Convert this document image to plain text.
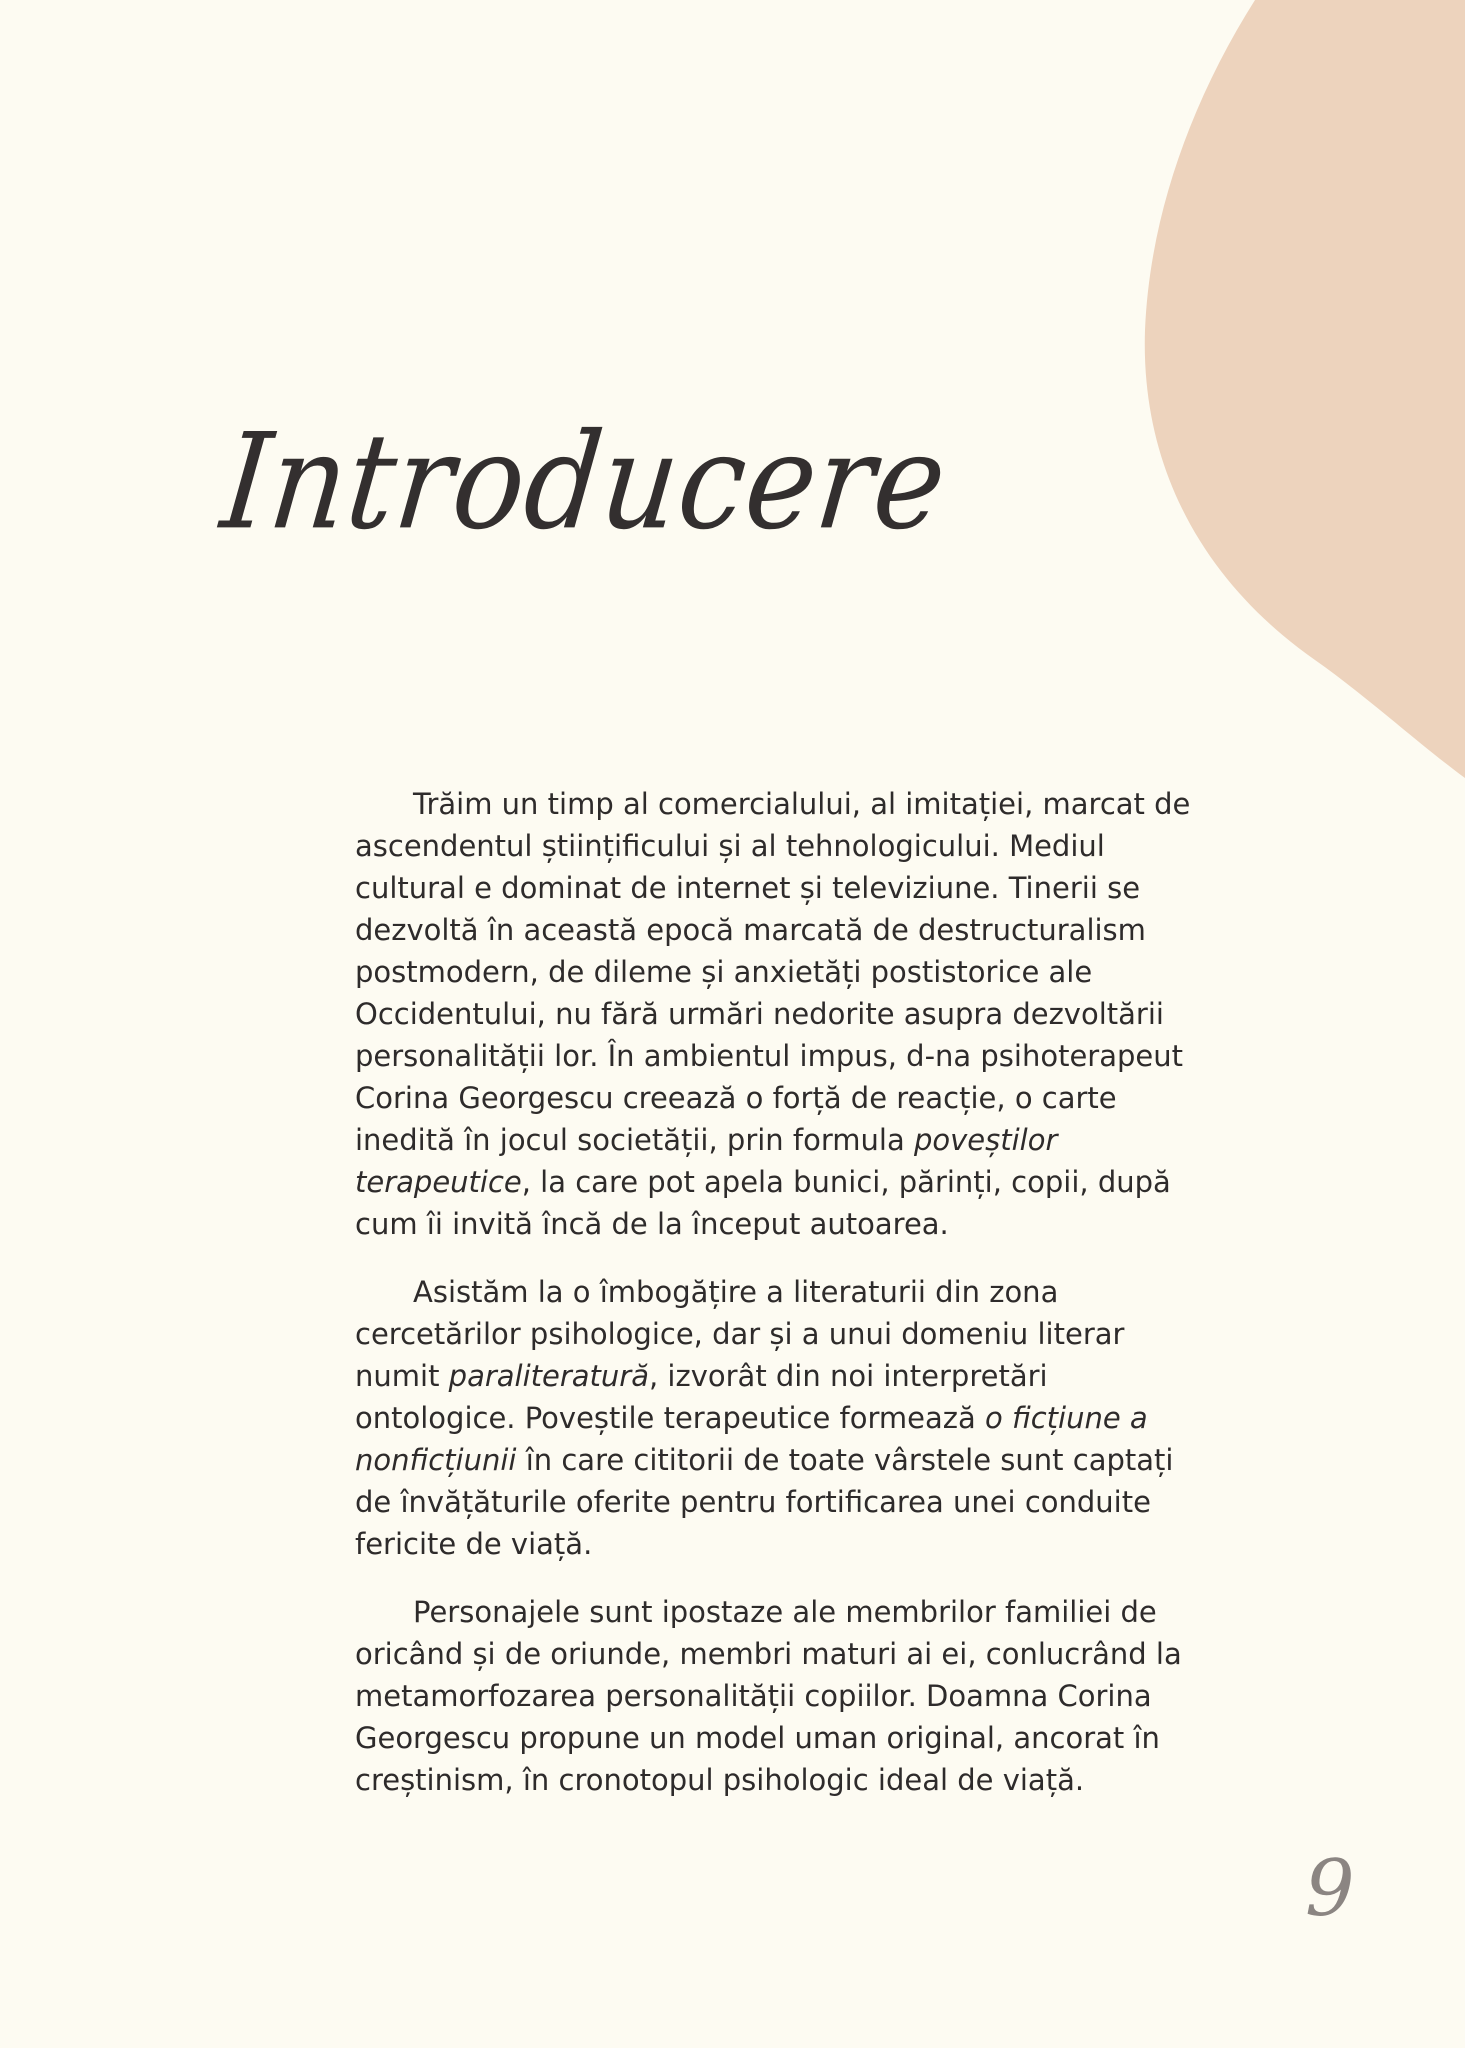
Introducere

Trăim un timp al comercialului, al imitației, marcat de ascendentul științificului și al tehnologicului. Mediul cultural e dominat de internet și televiziune. Tinerii se dezvoltă în această epocă marcată de destructuralism postmodern, de dileme și anxietăți postistorice ale Occidentului, nu fără urmări nedorite asupra dezvoltării personalității lor. În ambientul impus, d-na psihoterapeut Corina Georgescu creează o forță de reacție, o carte inedită în jocul societății, prin formula poveștilor terapeutice, la care pot apela bunici, părinți, copii, după cum îi invită încă de la început autoarea.

Asistăm la o îmbogățire a literaturii din zona cercetărilor psihologice, dar și a unui domeniu literar numit paraliteratură, izvorât din noi interpretări ontologice. Poveștile terapeutice formează o ficțiune a nonficțiunii în care cititorii de toate vârstele sunt captați de învățăturile oferite pentru fortificarea unei conduite fericite de viață.

Personajele sunt ipostaze ale membrilor familiei de oricând și de oriunde, membri maturi ai ei, conlucrând la metamorfozarea personalității copiilor. Doamna Corina Georgescu propune un model uman original, ancorat în creștinism, în cronotopul psihologic ideal de viață.

9
